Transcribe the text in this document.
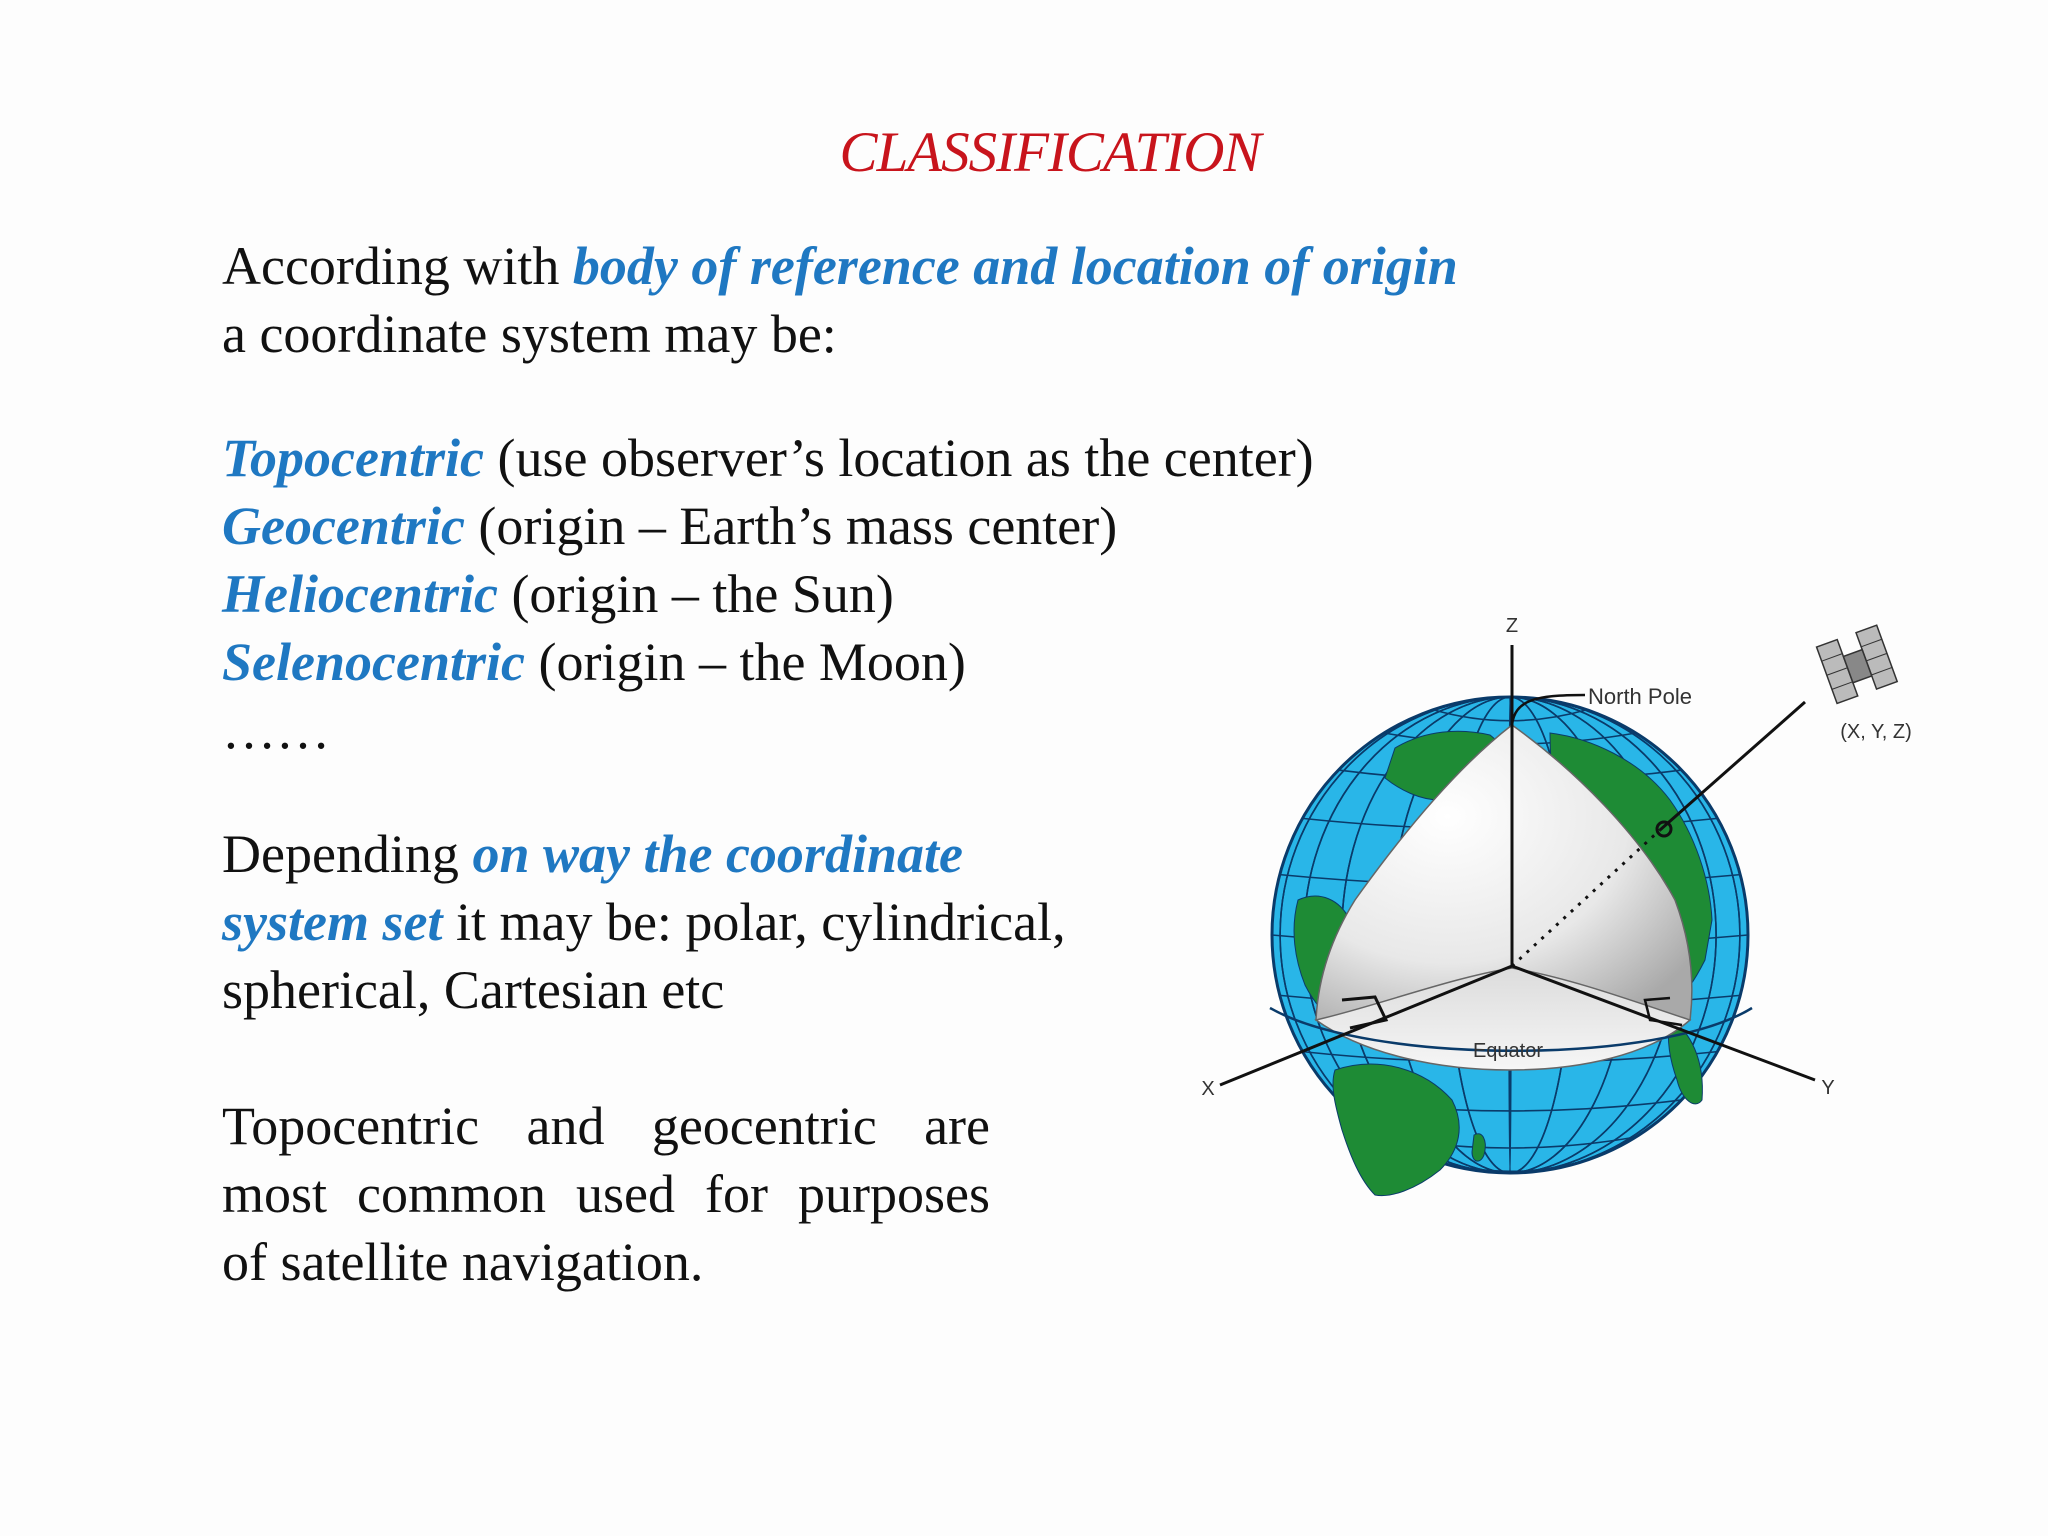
CLASSIFICATION
According with body of reference and location of origin
a coordinate system may be:
Topocentric (use observer’s location as the center)
Geocentric (origin – Earth’s mass center)
Heliocentric (origin – the Sun)
Selenocentric (origin – the Moon)
……
Depending on way the coordinate
system set it may be: polar, cylindrical,
spherical, Cartesian etc
Topocentric and geocentric are
most common used for purposes
of satellite navigation.
Z
X	Y
North Pole
Equator
(X, Y, Z)
